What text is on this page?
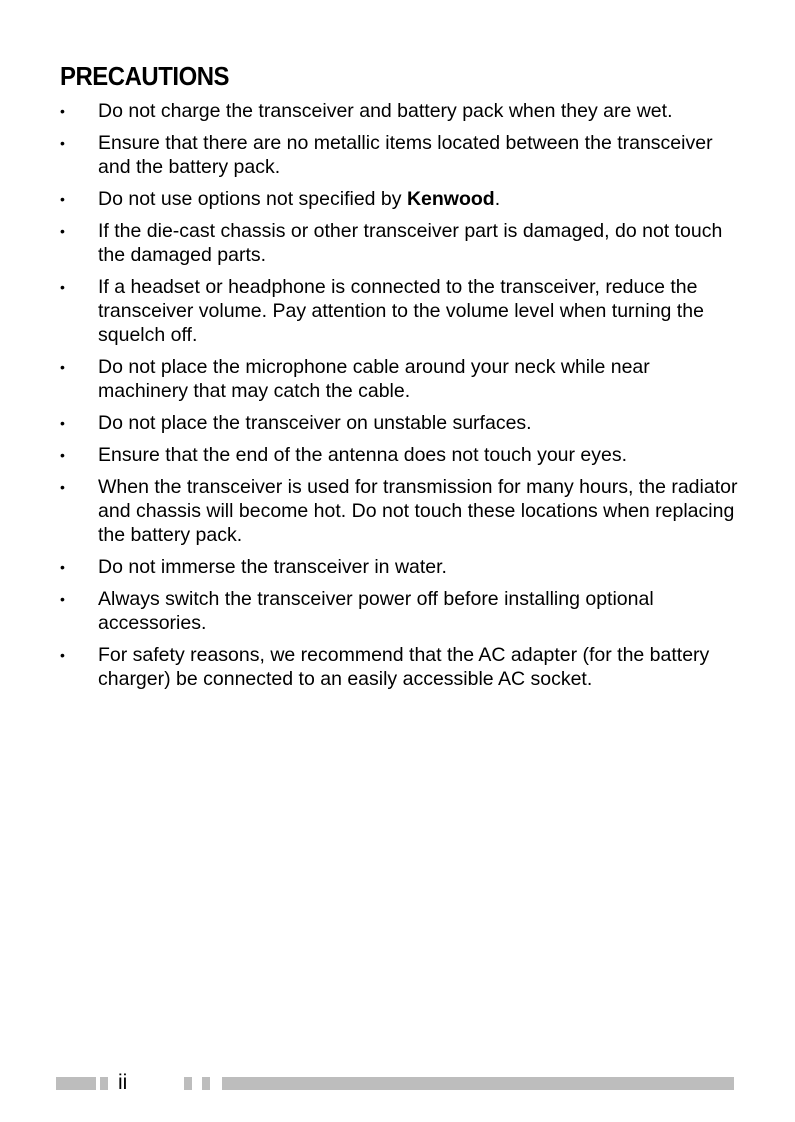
PRECAUTIONS
• Do not charge the transceiver and battery pack when they are wet.
• Ensure that there are no metallic items located between the transceiver and the battery pack.
• Do not use options not specified by Kenwood.
• If the die-cast chassis or other transceiver part is damaged, do not touch the damaged parts.
• If a headset or headphone is connected to the transceiver, reduce the transceiver volume. Pay attention to the volume level when turning the squelch off.
• Do not place the microphone cable around your neck while near machinery that may catch the cable.
• Do not place the transceiver on unstable surfaces.
• Ensure that the end of the antenna does not touch your eyes.
• When the transceiver is used for transmission for many hours, the radiator and chassis will become hot. Do not touch these locations when replacing the battery pack.
• Do not immerse the transceiver in water.
• Always switch the transceiver power off before installing optional accessories.
• For safety reasons, we recommend that the AC adapter (for the battery charger) be connected to an easily accessible AC socket.
ii
